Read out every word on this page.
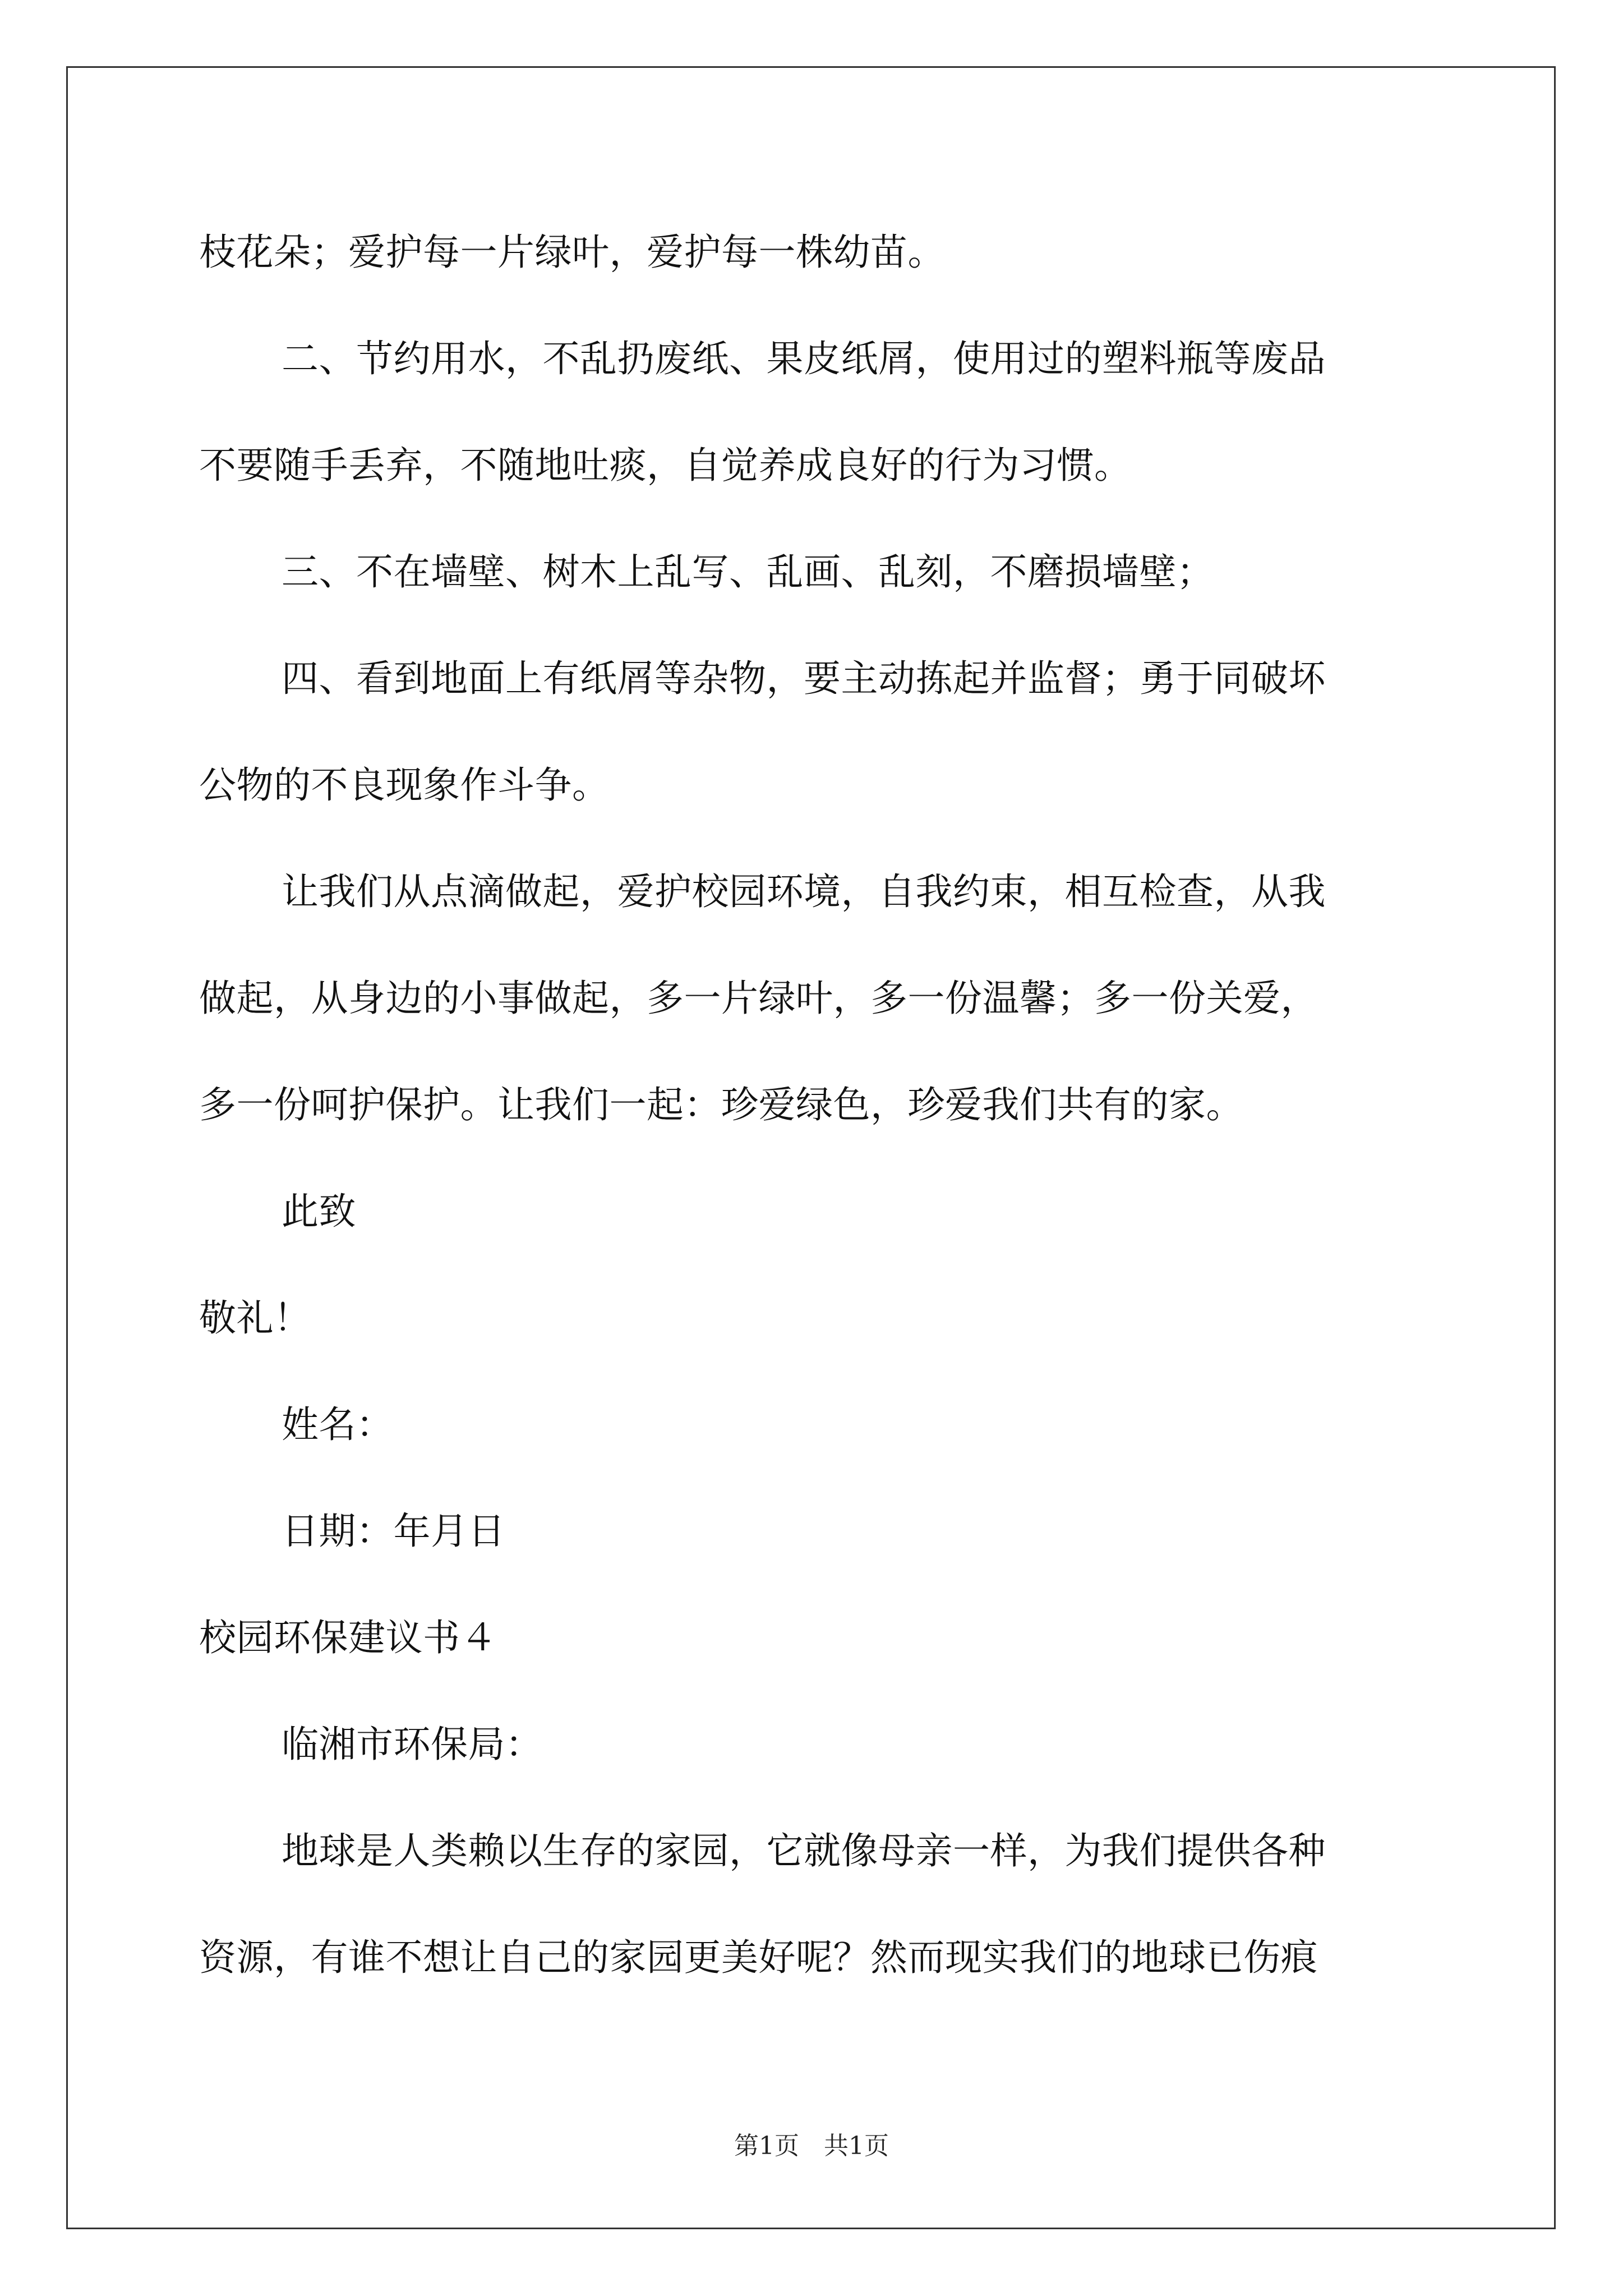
枝花朵；爱护每一片绿叶，爱护每一株幼苗。
二、节约用水，不乱扔废纸、果皮纸屑，使用过的塑料瓶等废品
不要随手丢弃，不随地吐痰，自觉养成良好的行为习惯。
三、不在墙壁、树木上乱写、乱画、乱刻，不磨损墙壁；
四、看到地面上有纸屑等杂物，要主动拣起并监督；勇于同破坏
公物的不良现象作斗争。
让我们从点滴做起，爱护校园环境，自我约束，相互检查，从我
做起，从身边的小事做起，多一片绿叶，多一份温馨；多一份关爱，
多一份呵护保护。让我们一起：珍爱绿色，珍爱我们共有的家。
此致
敬礼！
姓名：
日期：年月日
校园环保建议书４
临湘市环保局：
地球是人类赖以生存的家园，它就像母亲一样，为我们提供各种
资源，有谁不想让自己的家园更美好呢？然而现实我们的地球已伤痕
第1页　共1页
